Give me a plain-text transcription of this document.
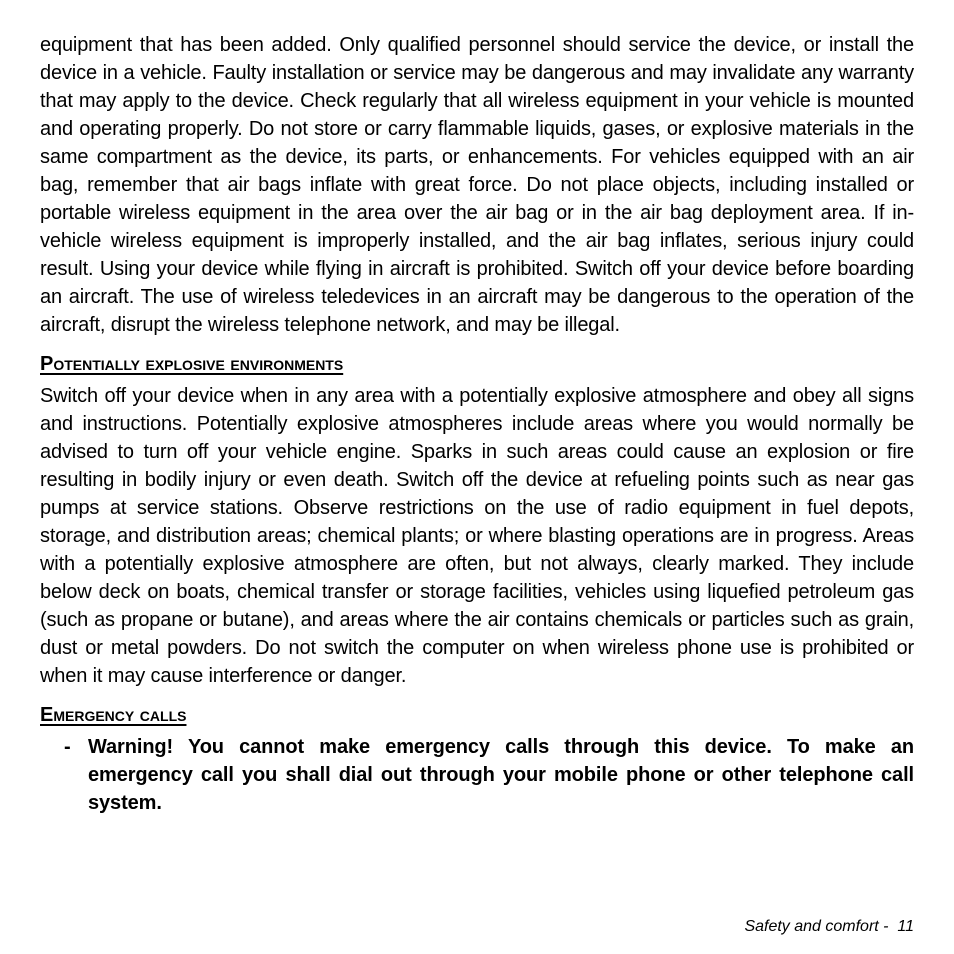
equipment that has been added. Only qualified personnel should service the device, or install the device in a vehicle. Faulty installation or service may be dangerous and may invalidate any warranty that may apply to the device. Check regularly that all wireless equipment in your vehicle is mounted and operating properly. Do not store or carry flammable liquids, gases, or explosive materials in the same compartment as the device, its parts, or enhancements. For vehicles equipped with an air bag, remember that air bags inflate with great force. Do not place objects, including installed or portable wireless equipment in the area over the air bag or in the air bag deployment area. If in-vehicle wireless equipment is improperly installed, and the air bag inflates, serious injury could result. Using your device while flying in aircraft is prohibited. Switch off your device before boarding an aircraft. The use of wireless teledevices in an aircraft may be dangerous to the operation of the aircraft, disrupt the wireless telephone network, and may be illegal.

Potentially explosive environments

Switch off your device when in any area with a potentially explosive atmosphere and obey all signs and instructions. Potentially explosive atmospheres include areas where you would normally be advised to turn off your vehicle engine. Sparks in such areas could cause an explosion or fire resulting in bodily injury or even death. Switch off the device at refueling points such as near gas pumps at service stations. Observe restrictions on the use of radio equipment in fuel depots, storage, and distribution areas; chemical plants; or where blasting operations are in progress. Areas with a potentially explosive atmosphere are often, but not always, clearly marked. They include below deck on boats, chemical transfer or storage facilities, vehicles using liquefied petroleum gas (such as propane or butane), and areas where the air contains chemicals or particles such as grain, dust or metal powders. Do not switch the computer on when wireless phone use is prohibited or when it may cause interference or danger.

Emergency calls
- Warning! You cannot make emergency calls through this device. To make an emergency call you shall dial out through your mobile phone or other telephone call system.
Safety and comfort -  11
